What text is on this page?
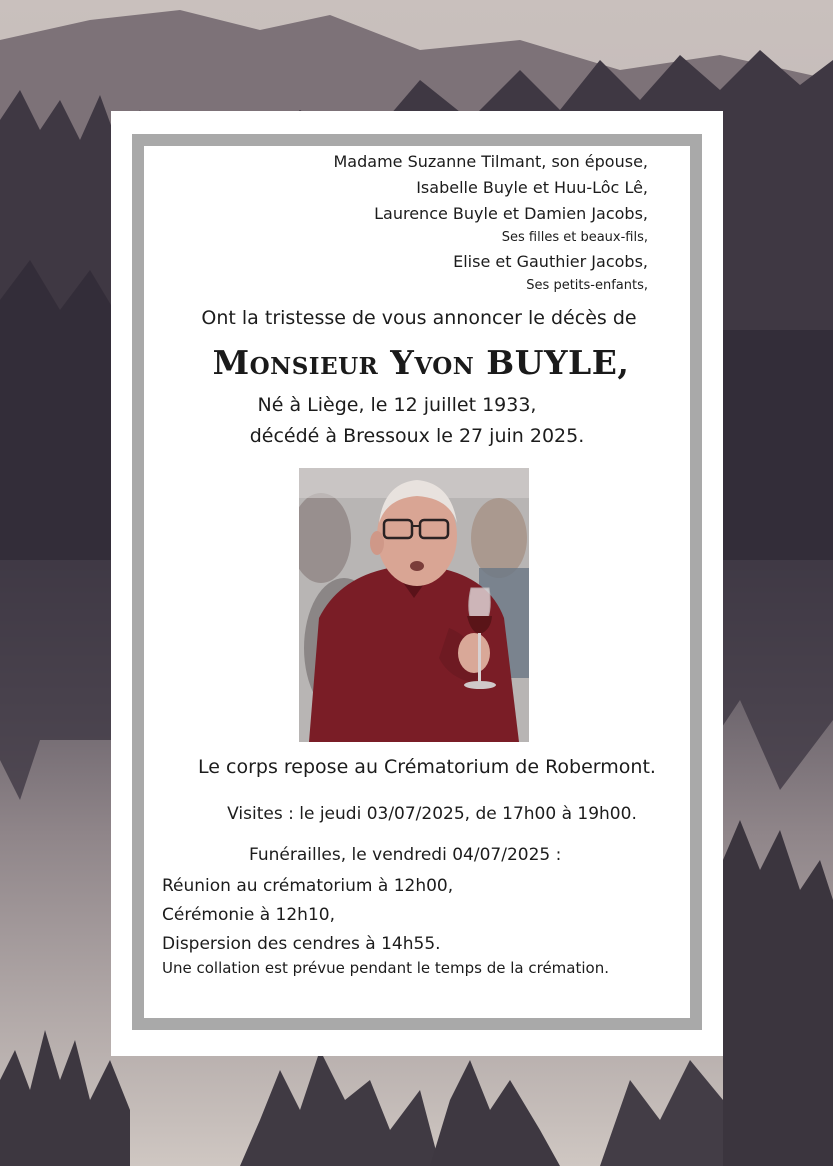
Madame Suzanne Tilmant, son épouse,
Isabelle Buyle et Huu-Lôc Lê,
Laurence Buyle et Damien Jacobs,
Ses filles et beaux-fils,
Elise et Gauthier Jacobs,
Ses petits-enfants,
Ont la tristesse de vous annoncer le décès de
Monsieur Yvon BUYLE,
Né à Liège, le 12 juillet 1933,
décédé à Bressoux le 27 juin 2025.
Le corps repose au Crématorium de Robermont.
Visites : le jeudi 03/07/2025, de 17h00 à 19h00.
Funérailles, le vendredi 04/07/2025 :
Réunion au crématorium à 12h00,
Cérémonie à 12h10,
Dispersion des cendres à 14h55.
Une collation est prévue pendant le temps de la crémation.
